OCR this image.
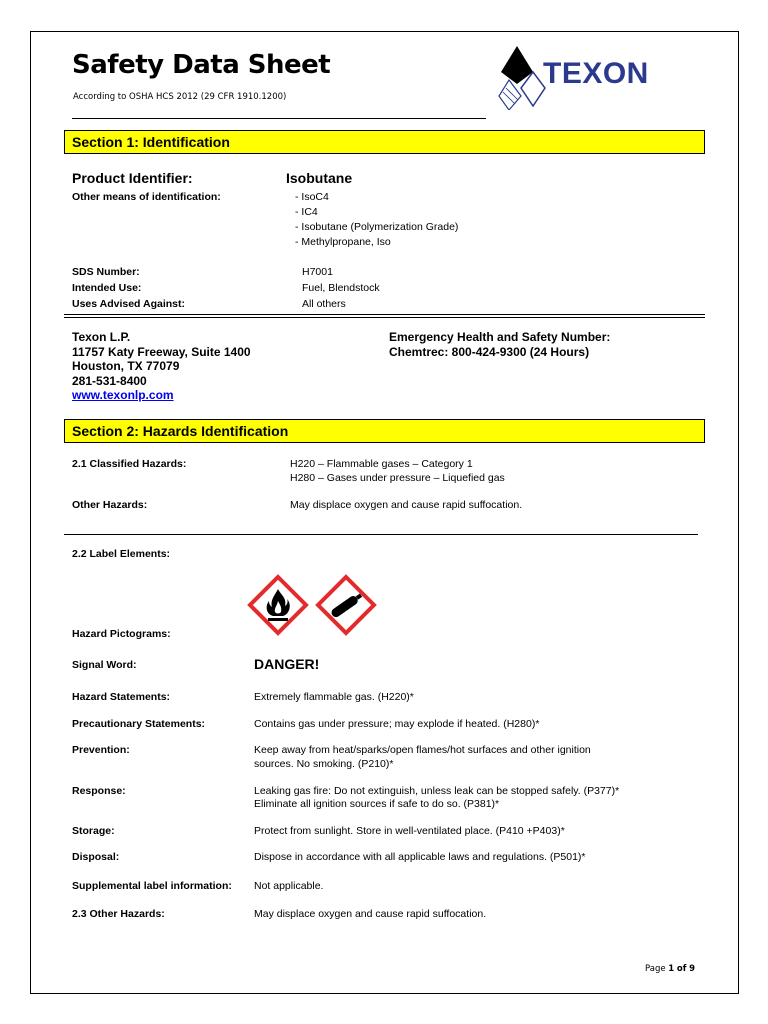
Safety Data Sheet
According to OSHA HCS 2012 (29 CFR 1910.1200)
TEXON
Section 1: Identification
Product Identifier:	Isobutane
Other means of identification:	- IsoC4
- IC4
- Isobutane (Polymerization Grade)
- Methylpropane, Iso
SDS Number:	H7001
Intended Use:	Fuel, Blendstock
Uses Advised Against:	All others
Texon L.P.
11757 Katy Freeway, Suite 1400
Houston, TX 77079
281-531-8400
www.texonlp.com
Emergency Health and Safety Number:
Chemtrec: 800-424-9300 (24 Hours)
Section 2: Hazards Identification
2.1 Classified Hazards:	H220 – Flammable gases – Category 1
H280 – Gases under pressure – Liquefied gas
Other Hazards:	May displace oxygen and cause rapid suffocation.
2.2 Label Elements:
Hazard Pictograms:
Signal Word:	DANGER!
Hazard Statements:	Extremely flammable gas. (H220)*
Precautionary Statements:	Contains gas under pressure; may explode if heated. (H280)*
Prevention:	Keep away from heat/sparks/open flames/hot surfaces and other ignition
sources. No smoking. (P210)*
Response:	Leaking gas fire: Do not extinguish, unless leak can be stopped safely. (P377)*
Eliminate all ignition sources if safe to do so. (P381)*
Storage:	Protect from sunlight. Store in well-ventilated place. (P410 +P403)*
Disposal:	Dispose in accordance with all applicable laws and regulations. (P501)*
Supplemental label information: Not applicable.
2.3 Other Hazards:	May displace oxygen and cause rapid suffocation.
Page 1 of 9
